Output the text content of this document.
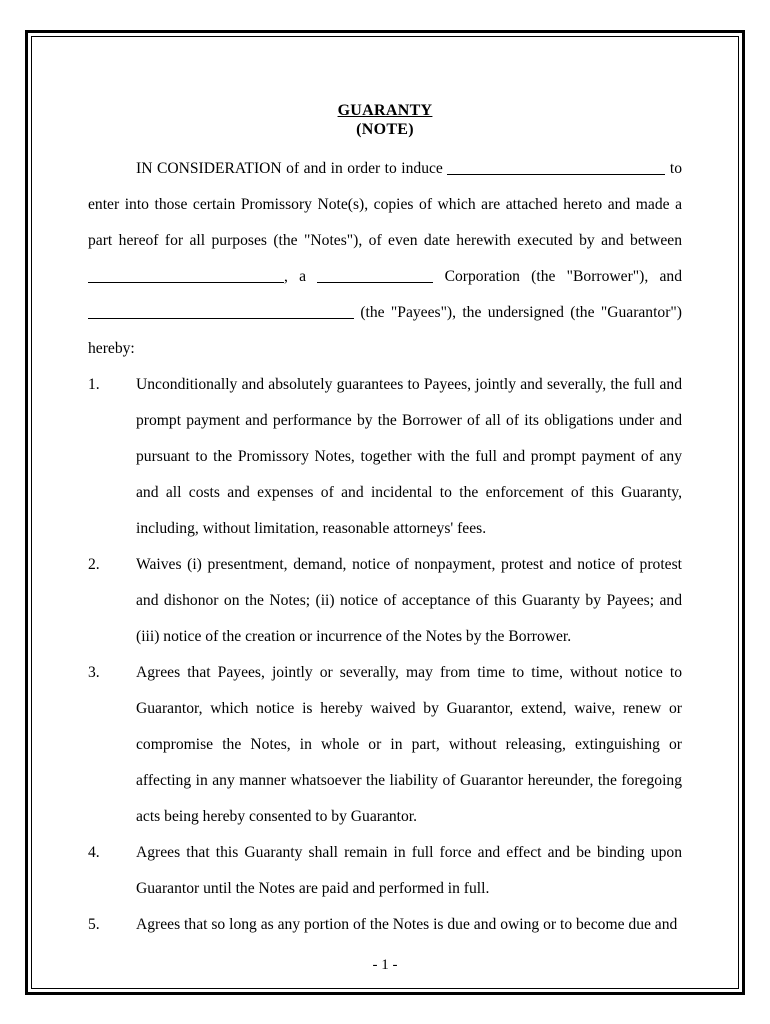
GUARANTY
(NOTE)

IN CONSIDERATION of and in order to induce	to enter into those certain Promissory Note(s), copies of which are attached hereto and made a part hereof for all purposes (the "Notes"), of even date herewith executed by and between , a	Corporation (the "Borrower"), and  (the "Payees"), the undersigned (the "Guarantor") hereby:

1.	Unconditionally and absolutely guarantees to Payees, jointly and severally, the full and prompt payment and performance by the Borrower of all of its obligations under and pursuant to the Promissory Notes, together with the full and prompt payment of any and all costs and expenses of and incidental to the enforcement of this Guaranty, including, without limitation, reasonable attorneys' fees.
2.	Waives (i) presentment, demand, notice of nonpayment, protest and notice of protest and dishonor on the Notes; (ii) notice of acceptance of this Guaranty by Payees; and (iii) notice of the creation or incurrence of the Notes by the Borrower.
3.	Agrees that Payees, jointly or severally, may from time to time, without notice to Guarantor, which notice is hereby waived by Guarantor, extend, waive, renew or compromise the Notes, in whole or in part, without releasing, extinguishing or affecting in any manner whatsoever the liability of Guarantor hereunder, the foregoing acts being hereby consented to by Guarantor.
4.	Agrees that this Guaranty shall remain in full force and effect and be binding upon Guarantor until the Notes are paid and performed in full.
5.	Agrees that so long as any portion of the Notes is due and owing or to become due and
- 1 -
